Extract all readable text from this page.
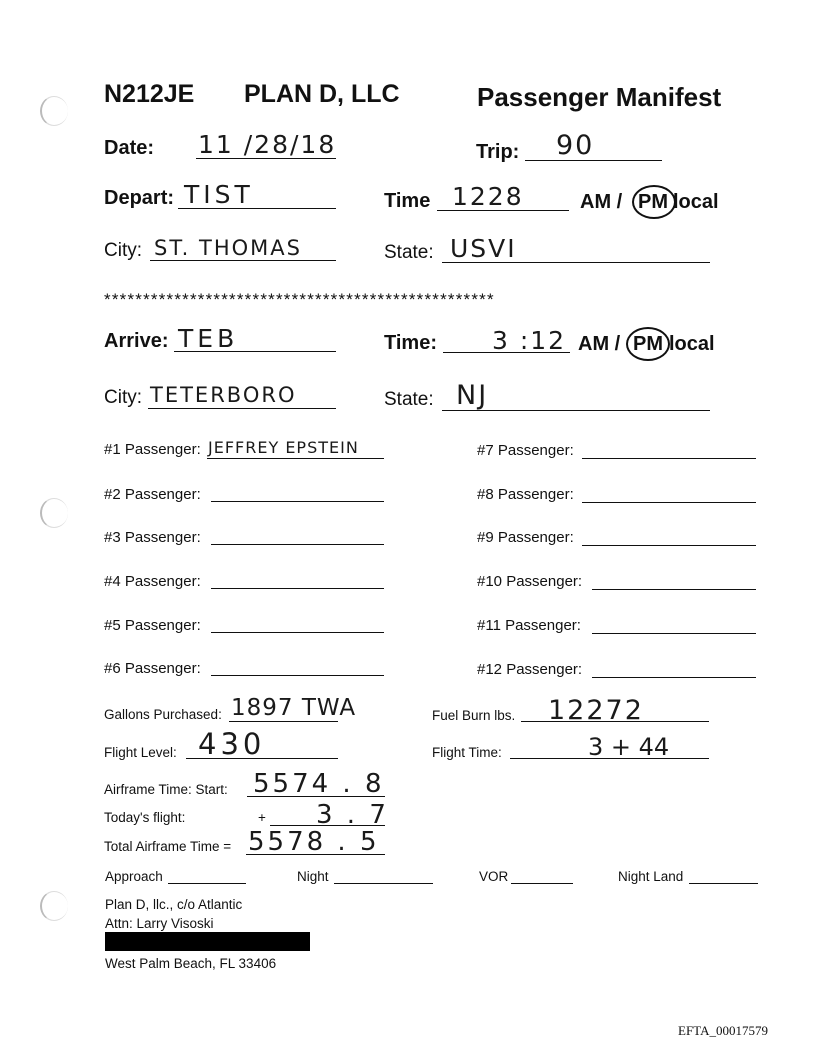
N212JE PLAN D, LLC	Passenger Manifest
Date: 11 /28/18	Trip: 90
Depart: TIST	Time 1228	AM / PM local
City: ST. THOMAS	State: USVI
**************************************************
Arrive: TEB	Time: 3 :12 AM / PM local
City: TETERBORO	State: NJ
#1 Passenger: JEFFREY EPSTEIN
#2 Passenger:
#3 Passenger:
#4 Passenger:
#5 Passenger:
#6 Passenger:
#7 Passenger:
#8 Passenger:
#9 Passenger:
#10 Passenger:
#11 Passenger:
#12 Passenger:
Gallons Purchased: 1897 TWA	Fuel Burn lbs. 12272
Flight Level: 430	Flight Time:	3 + 44
Airframe Time: Start: 5574 . 8
Today's flight:	+ 3 . 7
Total Airframe Time = 5578 . 5
Approach	Night	VOR	Night Land
Plan D, llc., c/o Atlantic
Attn: Larry Visoski
West Palm Beach, FL 33406
EFTA_00017579
